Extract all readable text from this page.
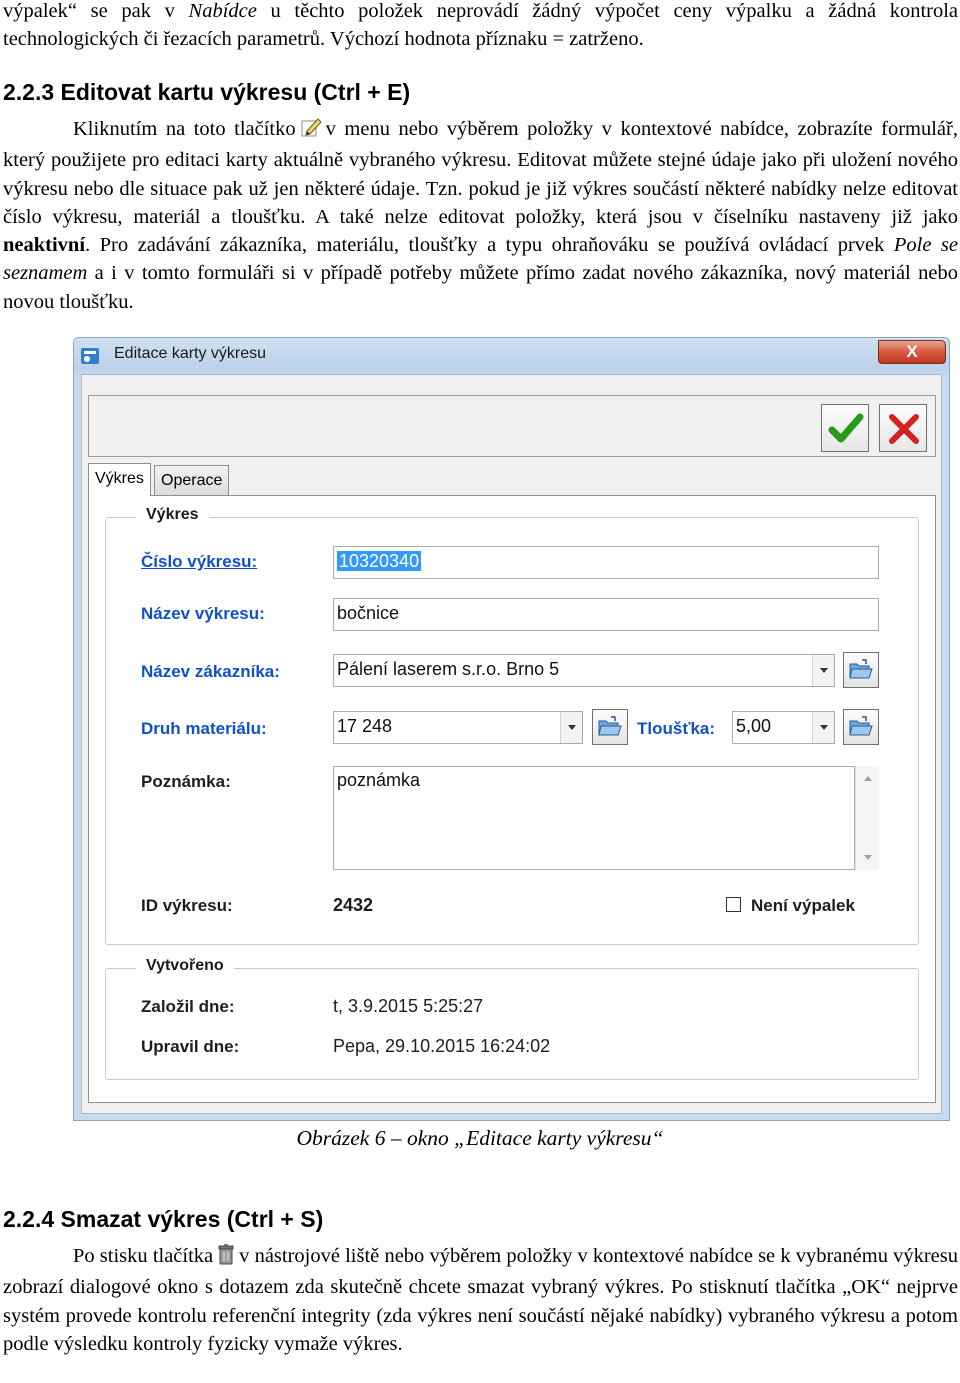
výpalek“ se pak v Nabídce u těchto položek neprovádí žádný výpočet ceny výpalku a žádná kontrola technologických či řezacích parametrů. Výchozí hodnota příznaku = zatrženo.
2.2.3 Editovat kartu výkresu (Ctrl + E)
Kliknutím na toto tlačítko v menu nebo výběrem položky v kontextové nabídce, zobrazíte formulář, který použijete pro editaci karty aktuálně vybraného výkresu. Editovat můžete stejné údaje jako při uložení nového výkresu nebo dle situace pak už jen některé údaje. Tzn. pokud je již výkres součástí některé nabídky nelze editovat číslo výkresu, materiál a tloušťku. A také nelze editovat položky, která jsou v číselníku nastaveny již jako neaktivní. Pro zadávání zákazníka, materiálu, tloušťky a typu ohraňováku se používá ovládací prvek Pole se seznamem a i v tomto formuláři si v případě potřeby můžete přímo zadat nového zákazníka, nový materiál nebo novou tloušťku.
Editace karty výkresu	X
Výkres	Operace
Výkres
Číslo výkresu:	10320340
Název výkresu:	bočnice
Název zákazníka:	Pálení laserem s.r.o. Brno 5
Druh materiálu:	17 248	Tloušťka: 5,00
Poznámka:	poznámka
ID výkresu:	2432	Není výpalek
Vytvořeno
Založil dne:	t, 3.9.2015 5:25:27
Upravil dne:	Pepa, 29.10.2015 16:24:02
Obrázek 6 – okno „Editace karty výkresu“
2.2.4 Smazat výkres (Ctrl + S)
Po stisku tlačítka v nástrojové liště nebo výběrem položky v kontextové nabídce se k vybranému výkresu zobrazí dialogové okno s dotazem zda skutečně chcete smazat vybraný výkres. Po stisknutí tlačítka „OK“ nejprve systém provede kontrolu referenční integrity (zda výkres není součástí nějaké nabídky) vybraného výkresu a potom podle výsledku kontroly fyzicky vymaže výkres.
